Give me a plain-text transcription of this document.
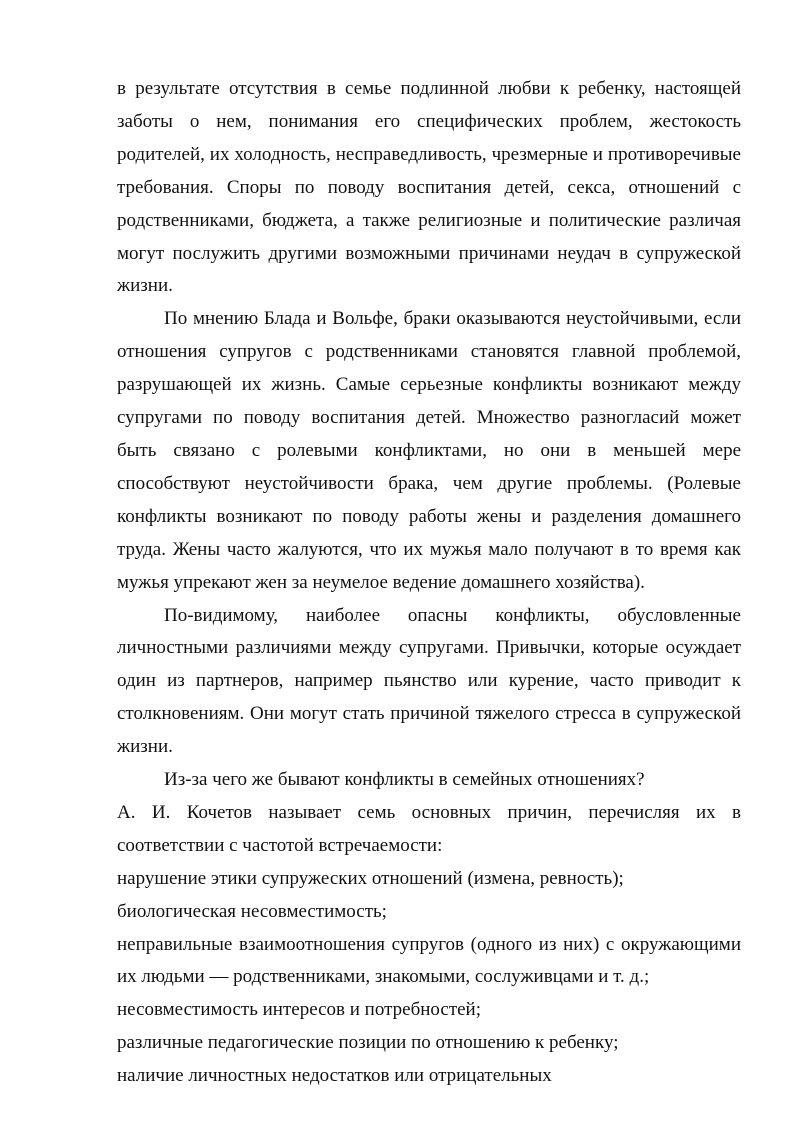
в результате отсутствия в семье подлинной любви к ребенку, настоящей заботы о нем, понимания его специфических проблем, жестокость родителей, их холодность, несправедливость, чрезмерные и противоречивые требования. Споры по поводу воспитания детей, секса, отношений с родственниками, бюджета, а также религиозные и политические различая могут послужить другими возможными причинами неудач в супружеской жизни.

По мнению Блада и Вольфе, браки оказываются неустойчивыми, если отношения супругов с родственниками становятся главной проблемой, разрушающей их жизнь. Самые серьезные конфликты возникают между супругами по поводу воспитания детей. Множество разногласий может быть связано с ролевыми конфликтами, но они в меньшей мере способствуют неустойчивости брака, чем другие проблемы. (Ролевые конфликты возникают по поводу работы жены и разделения домашнего труда. Жены часто жалуются, что их мужья мало получают в то время как мужья упрекают жен за неумелое ведение домашнего хозяйства).

По-видимому, наиболее опасны конфликты, обусловленные личностными различиями между супругами. Привычки, которые осуждает один из партнеров, например пьянство или курение, часто приводит к столкновениям. Они могут стать причиной тяжелого стресса в супружеской жизни.

Из-за чего же бывают конфликты в семейных отношениях?

А. И. Кочетов называет семь основных причин, перечисляя их в соответствии с частотой встречаемости:

нарушение этики супружеских отношений (измена, ревность);
биологическая несовместимость;
неправильные взаимоотношения супругов (одного из них) с окружающими их людьми — родственниками, знакомыми, сослуживцами и т. д.;
несовместимость интересов и потребностей;
различные педагогические позиции по отношению к ребенку;
наличие личностных недостатков или отрицательных
